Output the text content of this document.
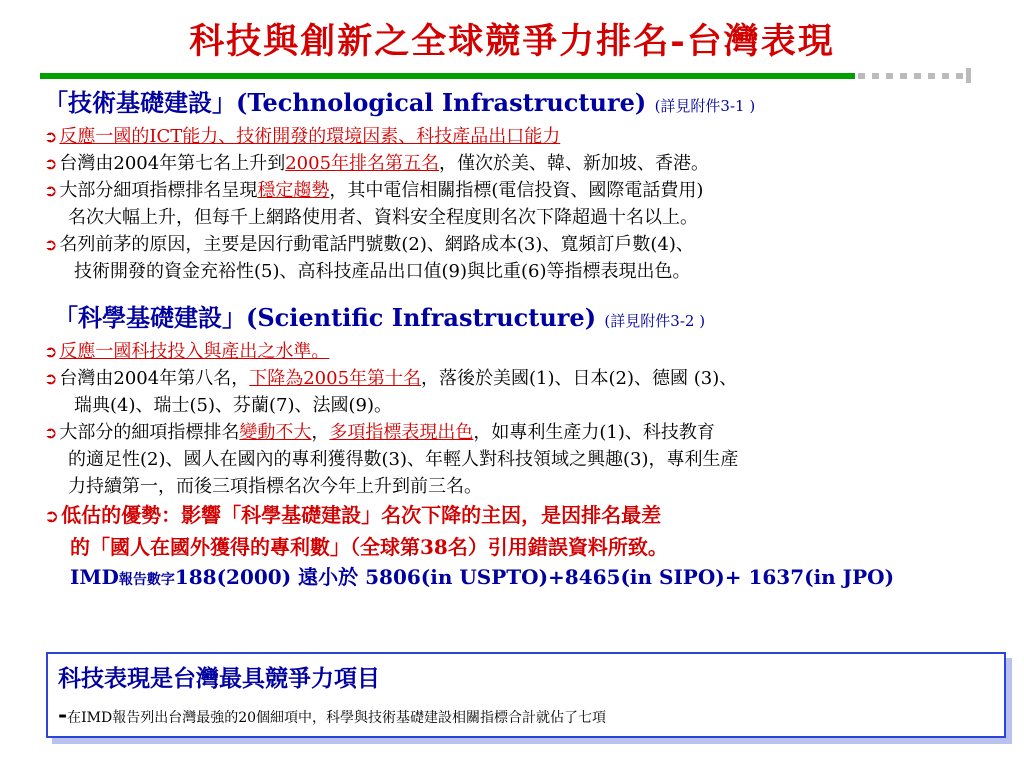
科技與創新之全球競爭力排名-台灣表現
「技術基礎建設」(Technological Infrastructure) (詳見附件3-1 )
➲ 反應一國的ICT能力、技術開發的環境因素、科技產品出口能力
➲ 台灣由2004年第七名上升到2005年排名第五名，僅次於美、韓、新加坡、香港。
➲ 大部分細項指標排名呈現穩定趨勢，其中電信相關指標(電信投資、國際電話費用)
名次大幅上升，但每千上網路使用者、資料安全程度則名次下降超過十名以上。
➲ 名列前茅的原因，主要是因行動電話門號數(2)、網路成本(3)、寬頻訂戶數(4)、
技術開發的資金充裕性(5)、高科技產品出口值(9)與比重(6)等指標表現出色。
「科學基礎建設」(Scientific Infrastructure) (詳見附件3-2 )
➲ 反應一國科技投入與產出之水準。
➲ 台灣由2004年第八名，下降為2005年第十名，落後於美國(1)、日本(2)、德國 (3)、
瑞典(4)、瑞士(5)、芬蘭(7)、法國(9)。
➲ 大部分的細項指標排名變動不大，多項指標表現出色，如專利生產力(1)、科技教育
的適足性(2)、國人在國內的專利獲得數(3)、年輕人對科技領域之興趣(3)，專利生產
力持續第一，而後三項指標名次今年上升到前三名。
➲ 低估的優勢：影響「科學基礎建設」名次下降的主因，是因排名最差
的「國人在國外獲得的專利數」（全球第38名）引用錯誤資料所致。
IMD報告數字188(2000) 遠小於 5806(in USPTO)+8465(in SIPO)+ 1637(in JPO)
科技表現是台灣最具競爭力項目
-在IMD報告列出台灣最強的20個細項中，科學與技術基礎建設相關指標合計就佔了七項
